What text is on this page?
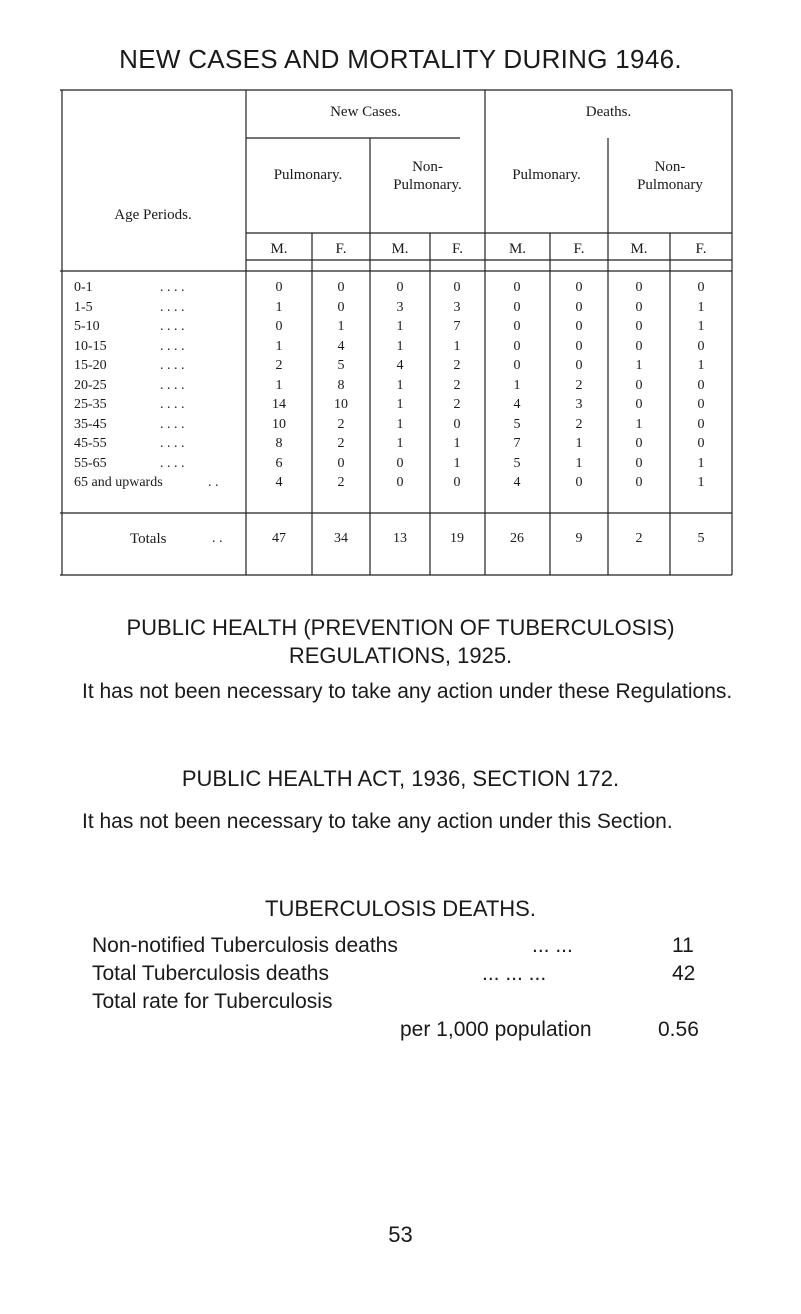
NEW CASES AND MORTALITY DURING 1946.
Age Periods.
New Cases.	Deaths.
Pulmonary.	Non-
Pulmonary.
Pulmonary.	Non-
Pulmonary
M.	F.	M.	F.	M.	F.	M.	F.
0-1	. . . .	0	0	0	0	0	0	0	0
1-5	. . . .	1	0	3	3	0	0	0	1
5-10	. . . .	0	1	1	7	0	0	0	1
10-15	. . . .	1	4	1	1	0	0	0	0
15-20	. . . .	2	5	4	2	0	0	1	1
20-25	. . . .	1	8	1	2	1	2	0	0
25-35	. . . .	14	10	1	2	4	3	0	0
35-45	. . . .	10	2	1	0	5	2	1	0
45-55	. . . .	8	2	1	1	7	1	0	0
55-65	. . . .	6	0	0	1	5	1	0	1
65 and upwards	. .	4	2	0	0	4	0	0	1
Totals	. .	47	34	13	19	26	9	2	5
PUBLIC HEALTH (PREVENTION OF TUBERCULOSIS)
REGULATIONS, 1925.
It has not been necessary to take any action under these Regulations.
PUBLIC HEALTH ACT, 1936, SECTION 172.
It has not been necessary to take any action under this Section.
TUBERCULOSIS DEATHS.
Non-notified Tuberculosis deaths	... ...	11
Total Tuberculosis deaths	... ... ...	42
Total rate for Tuberculosis
per 1,000 population	0.56
53
